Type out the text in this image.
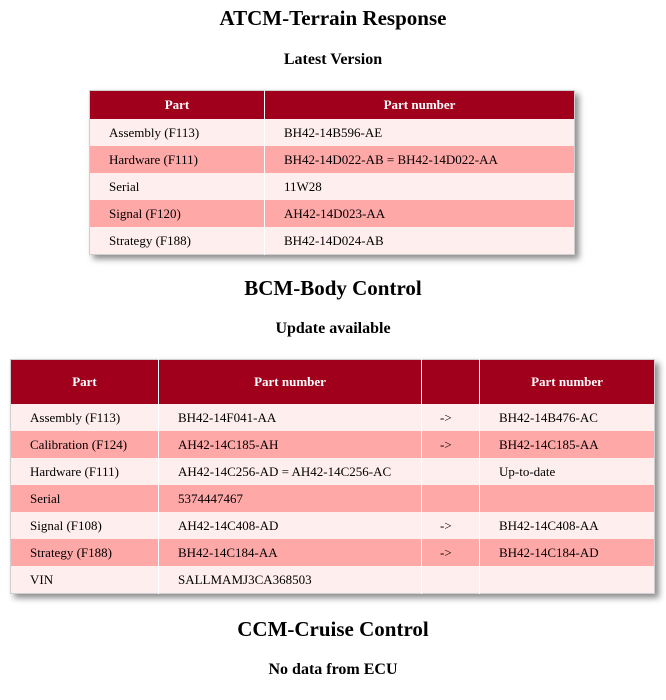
ATCM-Terrain Response
Latest Version
Part	Part number
Assembly (F113)	BH42-14B596-AE
Hardware (F111)	BH42-14D022-AB = BH42-14D022-AA
Serial	11W28
Signal (F120)	AH42-14D023-AA
Strategy (F188)	BH42-14D024-AB
BCM-Body Control
Update available
Part	Part number		Part number
Assembly (F113)	BH42-14F041-AA	->	BH42-14B476-AC
Calibration (F124)	AH42-14C185-AH	->	BH42-14C185-AA
Hardware (F111)	AH42-14C256-AD = AH42-14C256-AC		Up-to-date
Serial	5374447467		
Signal (F108)	AH42-14C408-AD	->	BH42-14C408-AA
Strategy (F188)	BH42-14C184-AA	->	BH42-14C184-AD
VIN	SALLMAMJ3CA368503		
CCM-Cruise Control
No data from ECU
